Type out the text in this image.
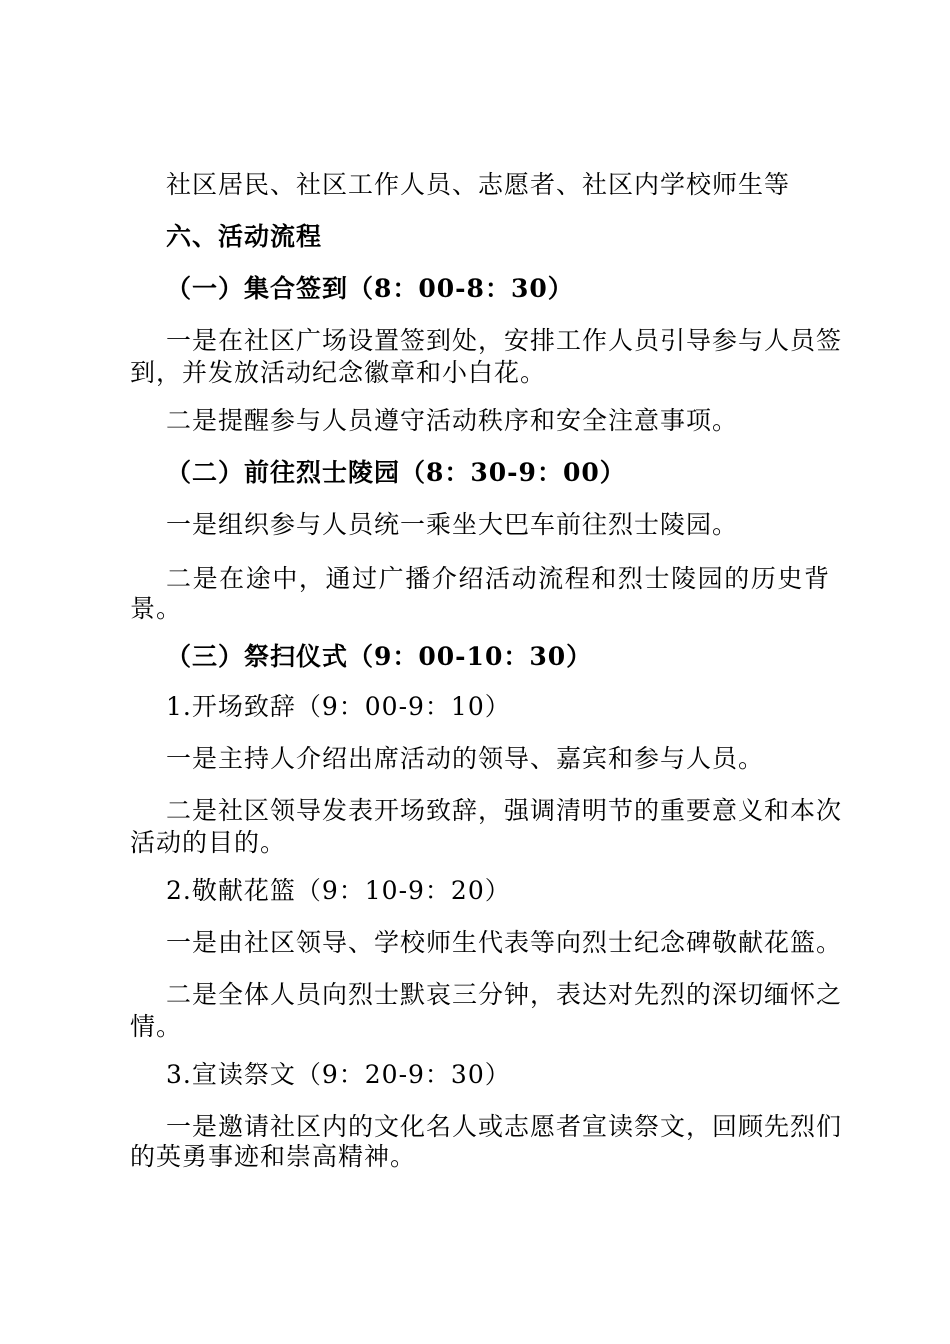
社区居民、社区工作人员、志愿者、社区内学校师生等
六、活动流程
（一）集合签到（8：00-8：30）
一是在社区广场设置签到处，安排工作人员引导参与人员签
到，并发放活动纪念徽章和小白花。
二是提醒参与人员遵守活动秩序和安全注意事项。
（二）前往烈士陵园（8：30-9：00）
一是组织参与人员统一乘坐大巴车前往烈士陵园。
二是在途中，通过广播介绍活动流程和烈士陵园的历史背
景。
（三）祭扫仪式（9：00-10：30）
1.开场致辞（9：00-9：10）
一是主持人介绍出席活动的领导、嘉宾和参与人员。
二是社区领导发表开场致辞，强调清明节的重要意义和本次
活动的目的。
2.敬献花篮（9：10-9：20）
一是由社区领导、学校师生代表等向烈士纪念碑敬献花篮。
二是全体人员向烈士默哀三分钟，表达对先烈的深切缅怀之
情。
3.宣读祭文（9：20-9：30）
一是邀请社区内的文化名人或志愿者宣读祭文，回顾先烈们
的英勇事迹和崇高精神。
